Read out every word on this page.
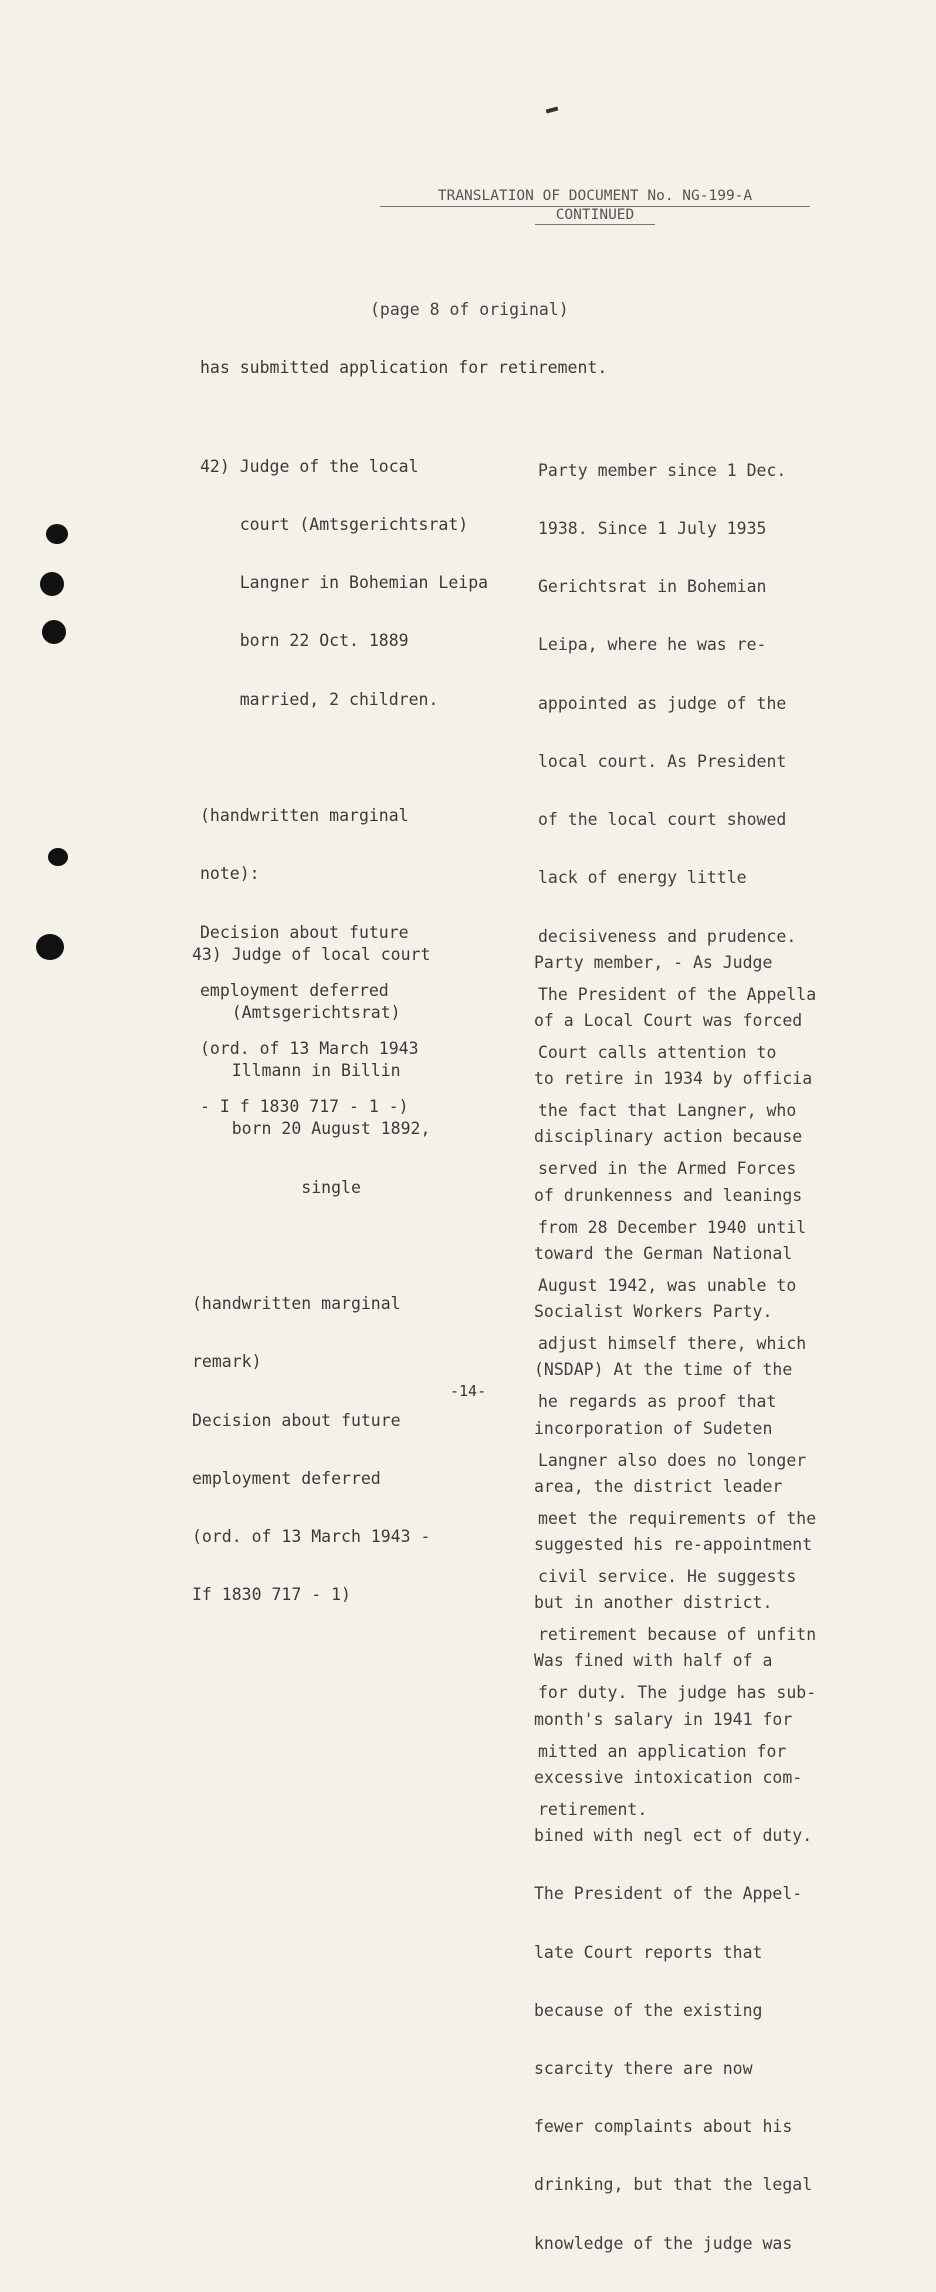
TRANSLATION OF DOCUMENT No. NG-199-A
CONTINUED
(page 8 of original)
has submitted application for retirement.

42) Judge of the local

court (Amtsgerichtsrat)

Langner in Bohemian Leipa

born 22 Oct. 1889

married, 2 children.

(handwritten marginal

note):

Decision about future

employment deferred

(ord. of 13 March 1943

- I f 1830 717 - 1 -)

Party member since 1 Dec.

1938. Since 1 July 1935

Gerichtsrat in Bohemian

Leipa, where he was re-

appointed as judge of the

local court. As President

of the local court showed

lack of energy little

decisiveness and prudence.

The President of the Appella

Court calls attention to

the fact that Langner, who

served in the Armed Forces

from 28 December 1940 until

August 1942, was unable to

adjust himself there, which

he regards as proof that

Langner also does no longer

meet the requirements of the

civil service. He suggests

retirement because of unfitn

for duty. The judge has sub-

mitted an application for

retirement.

43) Judge of local court

(Amtsgerichtsrat)

Illmann in Billin

born 20 August 1892,

single

(handwritten marginal

remark)

Decision about future

employment deferred

(ord. of 13 March 1943 -

If 1830 717 - 1)

Party member, - As Judge

of a Local Court was forced

to retire in 1934 by officia

disciplinary action because

of drunkenness and leanings

toward the German National

Socialist Workers Party.

(NSDAP) At the time of the

incorporation of Sudeten

area, the district leader

suggested his re-appointment

but in another district.

Was fined with half of a

month's salary in 1941 for

excessive intoxication com-

bined with negl ect of duty.

The President of the Appel-

late Court reports that

because of the existing

scarcity there are now

fewer complaints about his

drinking, but that the legal

knowledge of the judge was

-14-
